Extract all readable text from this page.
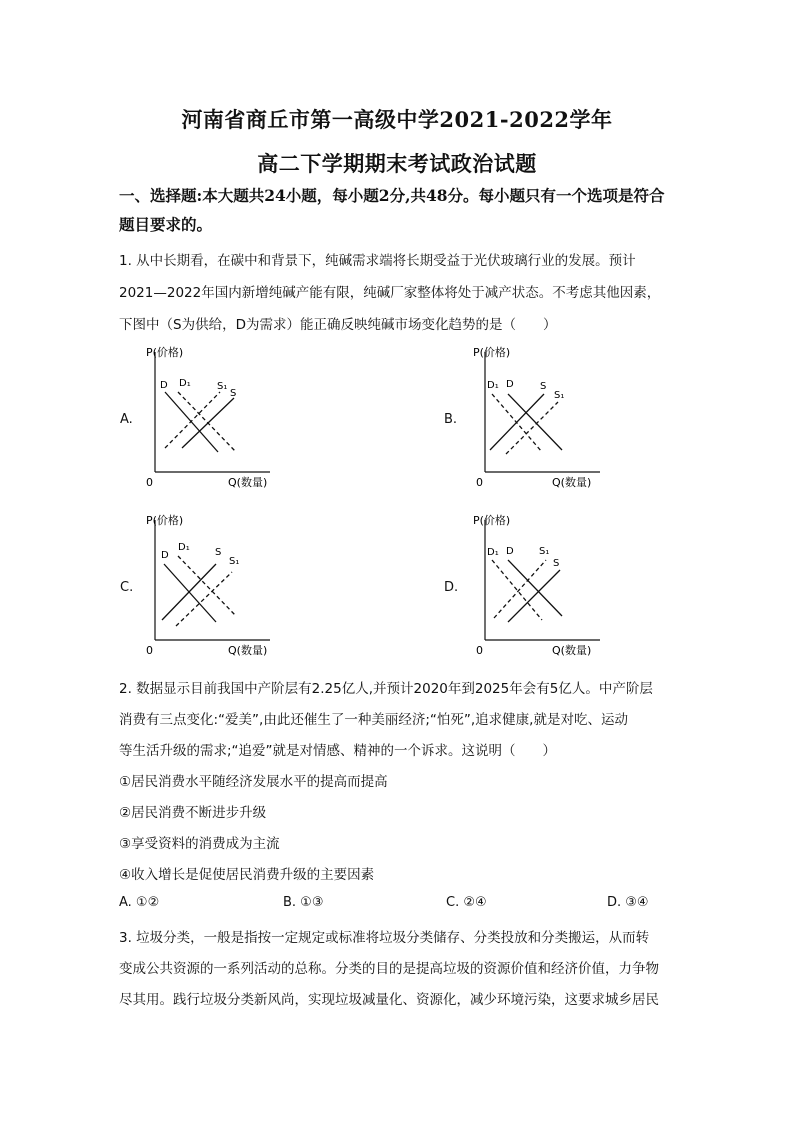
河南省商丘市第一高级中学2021-2022学年
高二下学期期末考试政治试题
一、选择题:本大题共24小题，每小题2分,共48分。每小题只有一个选项是符合题目要求的。
1. 从中长期看，在碳中和背景下，纯碱需求端将长期受益于光伏玻璃行业的发展。预计
2021—2022年国内新增纯碱产能有限，纯碱厂家整体将处于减产状态。不考虑其他因素，
下图中（S为供给，D为需求）能正确反映纯碱市场变化趋势的是（　　）
A.
P(价格)
Q(数量)
0
D D₁	S₁
S
B.
P(价格)
Q(数量)
0
D₁ D	S
S₁
C.
P(价格)
Q(数量)
0
D
D₁	S
S₁
D.
P(价格)
Q(数量)
0
D₁ D	S₁
S
2. 数据显示目前我国中产阶层有2.25亿人,并预计2020年到2025年会有5亿人。中产阶层
消费有三点变化:“爱美”,由此还催生了一种美丽经济;“怕死”,追求健康,就是对吃、运动
等生活升级的需求;“追爱”就是对情感、精神的一个诉求。这说明（　　）
①居民消费水平随经济发展水平的提高而提高
②居民消费不断进步升级
③享受资料的消费成为主流
④收入增长是促使居民消费升级的主要因素
A. ①②	B. ①③	C. ②④	D. ③④
3. 垃圾分类，一般是指按一定规定或标准将垃圾分类储存、分类投放和分类搬运，从而转
变成公共资源的一系列活动的总称。分类的目的是提高垃圾的资源价值和经济价值，力争物
尽其用。践行垃圾分类新风尚，实现垃圾减量化、资源化，减少环境污染，这要求城乡居民
